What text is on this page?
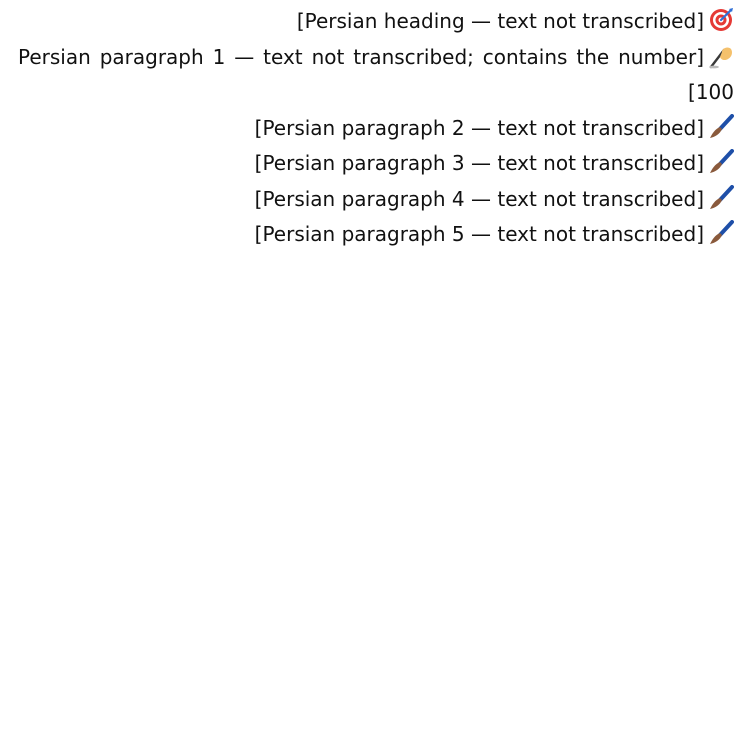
[Persian heading — text not transcribed]

[Persian paragraph 1 — text not transcribed; contains the number 100]

[Persian paragraph 2 — text not transcribed]

[Persian paragraph 3 — text not transcribed]

[Persian paragraph 4 — text not transcribed]

[Persian paragraph 5 — text not transcribed]
